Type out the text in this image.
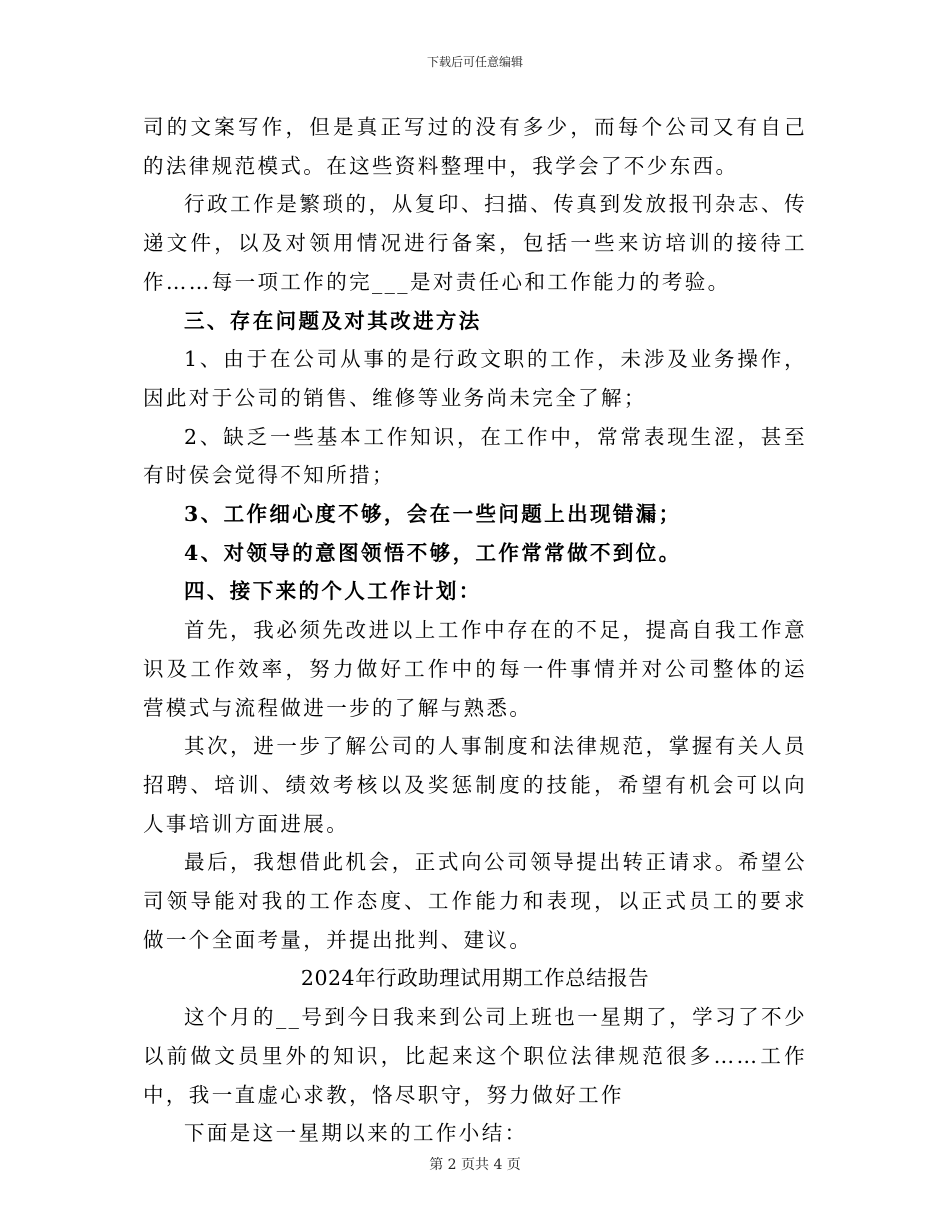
下载后可任意编辑

司的文案写作，但是真正写过的没有多少，而每个公司又有自己的法律规范模式。在这些资料整理中，我学会了不少东西。

行政工作是繁琐的，从复印、扫描、传真到发放报刊杂志、传递文件，以及对领用情况进行备案，包括一些来访培训的接待工作……每一项工作的完___是对责任心和工作能力的考验。

三、存在问题及对其改进方法

1、由于在公司从事的是行政文职的工作，未涉及业务操作，因此对于公司的销售、维修等业务尚未完全了解；

2、缺乏一些基本工作知识，在工作中，常常表现生涩，甚至有时侯会觉得不知所措；

3、工作细心度不够，会在一些问题上出现错漏；

4、对领导的意图领悟不够，工作常常做不到位。

四、接下来的个人工作计划：

首先，我必须先改进以上工作中存在的不足，提高自我工作意识及工作效率，努力做好工作中的每一件事情并对公司整体的运营模式与流程做进一步的了解与熟悉。

其次，进一步了解公司的人事制度和法律规范，掌握有关人员招聘、培训、绩效考核以及奖惩制度的技能，希望有机会可以向人事培训方面进展。

最后，我想借此机会，正式向公司领导提出转正请求。希望公司领导能对我的工作态度、工作能力和表现，以正式员工的要求做一个全面考量，并提出批判、建议。

2024年行政助理试用期工作总结报告

这个月的__号到今日我来到公司上班也一星期了，学习了不少以前做文员里外的知识，比起来这个职位法律规范很多……工作中，我一直虚心求教，恪尽职守，努力做好工作

下面是这一星期以来的工作小结：

第 2 页共 4 页
